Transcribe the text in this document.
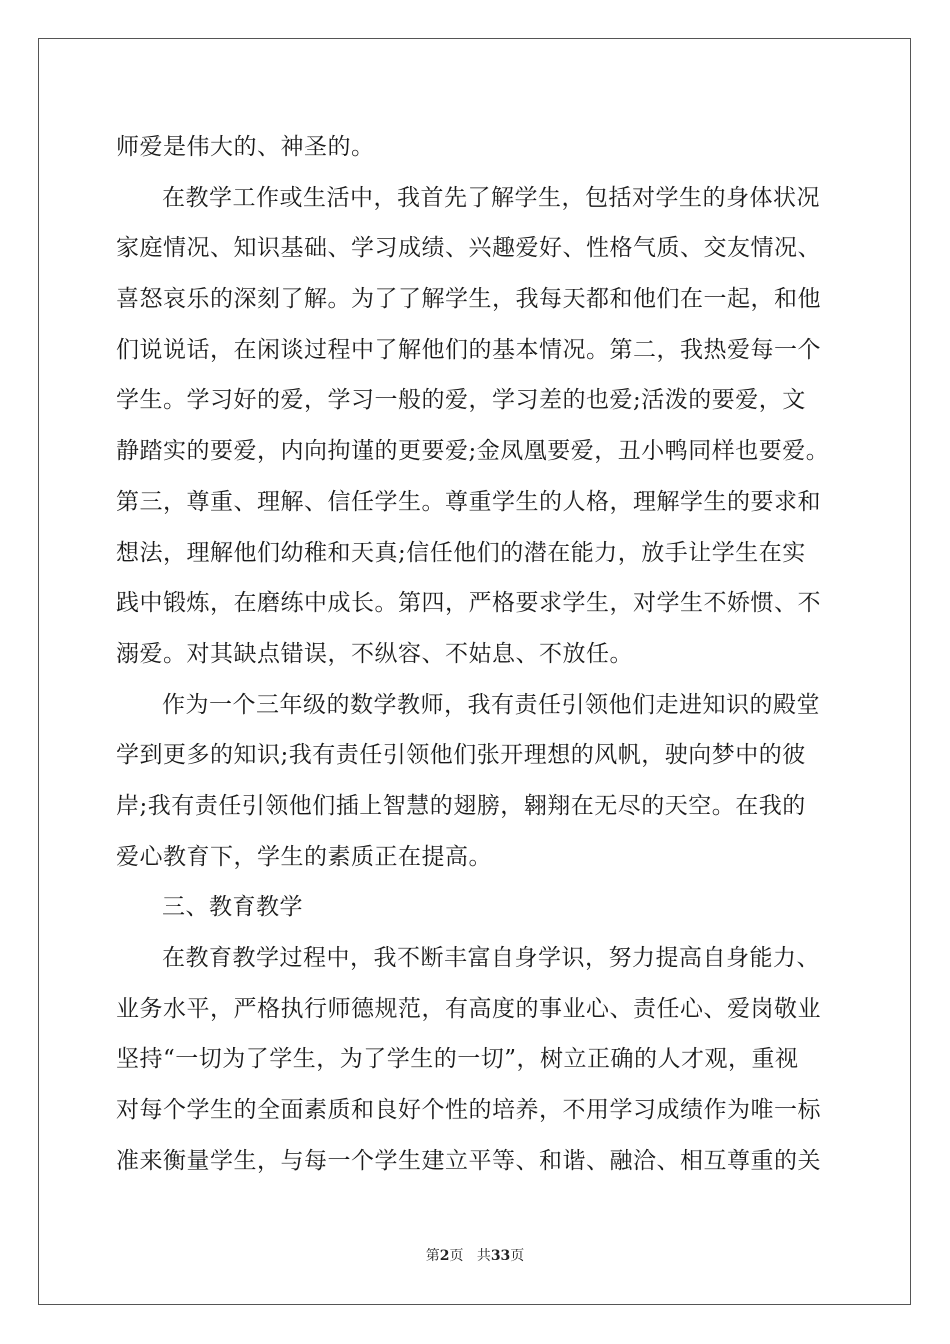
师爱是伟大的、神圣的。
在教学工作或生活中，我首先了解学生，包括对学生的身体状况
家庭情况、知识基础、学习成绩、兴趣爱好、性格气质、交友情况、
喜怒哀乐的深刻了解。为了了解学生，我每天都和他们在一起，和他
们说说话，在闲谈过程中了解他们的基本情况。第二，我热爱每一个
学生。学习好的爱，学习一般的爱，学习差的也爱;活泼的要爱，文
静踏实的要爱，内向拘谨的更要爱;金凤凰要爱，丑小鸭同样也要爱。
第三，尊重、理解、信任学生。尊重学生的人格，理解学生的要求和
想法，理解他们幼稚和天真;信任他们的潜在能力，放手让学生在实
践中锻炼，在磨练中成长。第四，严格要求学生，对学生不娇惯、不
溺爱。对其缺点错误，不纵容、不姑息、不放任。
作为一个三年级的数学教师，我有责任引领他们走进知识的殿堂
学到更多的知识;我有责任引领他们张开理想的风帆，驶向梦中的彼
岸;我有责任引领他们插上智慧的翅膀，翱翔在无尽的天空。在我的
爱心教育下，学生的素质正在提高。
三、教育教学
在教育教学过程中，我不断丰富自身学识，努力提高自身能力、
业务水平，严格执行师德规范，有高度的事业心、责任心、爱岗敬业
坚持“一切为了学生，为了学生的一切”，树立正确的人才观，重视
对每个学生的全面素质和良好个性的培养，不用学习成绩作为唯一标
准来衡量学生，与每一个学生建立平等、和谐、融洽、相互尊重的关
第2页 共33页
